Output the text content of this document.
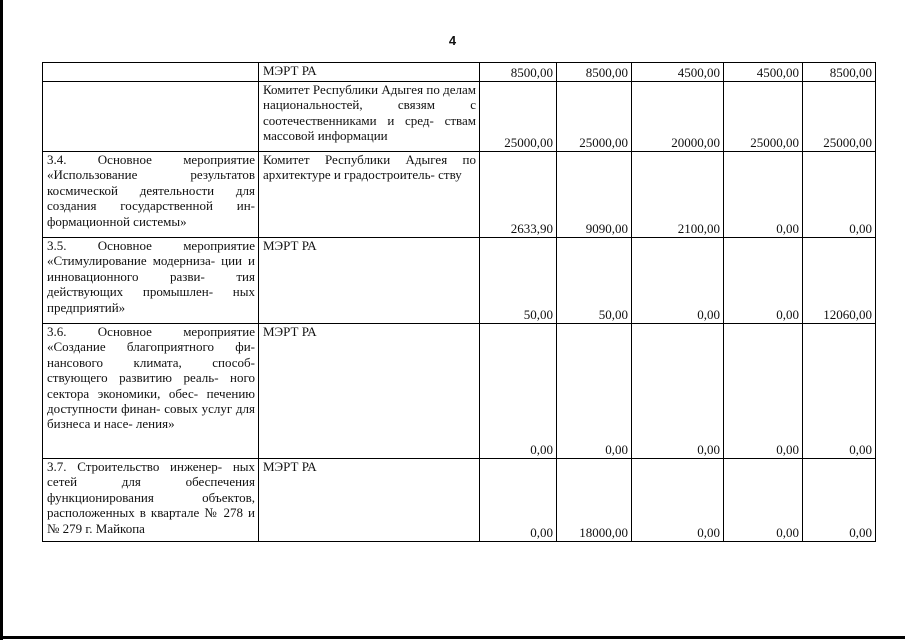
4
	МЭРТ РА	8500,00	8500,00	4500,00	4500,00	8500,00
	Комитет Республики Адыгея по делам национальностей, связям с соотечественниками и сред- ствам массовой информации	25000,00	25000,00	20000,00	25000,00	25000,00
3.4. Основное мероприятие «Использование результатов космической деятельности для создания государственной ин- формационной системы»	Комитет Республики Адыгея по архитектуре и градостроитель- ству	2633,90	9090,00	2100,00	0,00	0,00
3.5. Основное мероприятие «Стимулирование модерниза- ции и инновационного разви- тия действующих промышлен- ных предприятий»	МЭРТ РА	50,00	50,00	0,00	0,00	12060,00
3.6. Основное мероприятие «Создание благоприятного фи- нансового климата, способ- ствующего развитию реаль- ного сектора экономики, обес- печению доступности финан- совых услуг для бизнеса и насе- ления»	МЭРТ РА	0,00	0,00	0,00	0,00	0,00
3.7. Строительство инженер- ных сетей для обеспечения функционирования объектов, расположенных в квартале № 278 и № 279 г. Майкопа	МЭРТ РА	0,00	18000,00	0,00	0,00	0,00
